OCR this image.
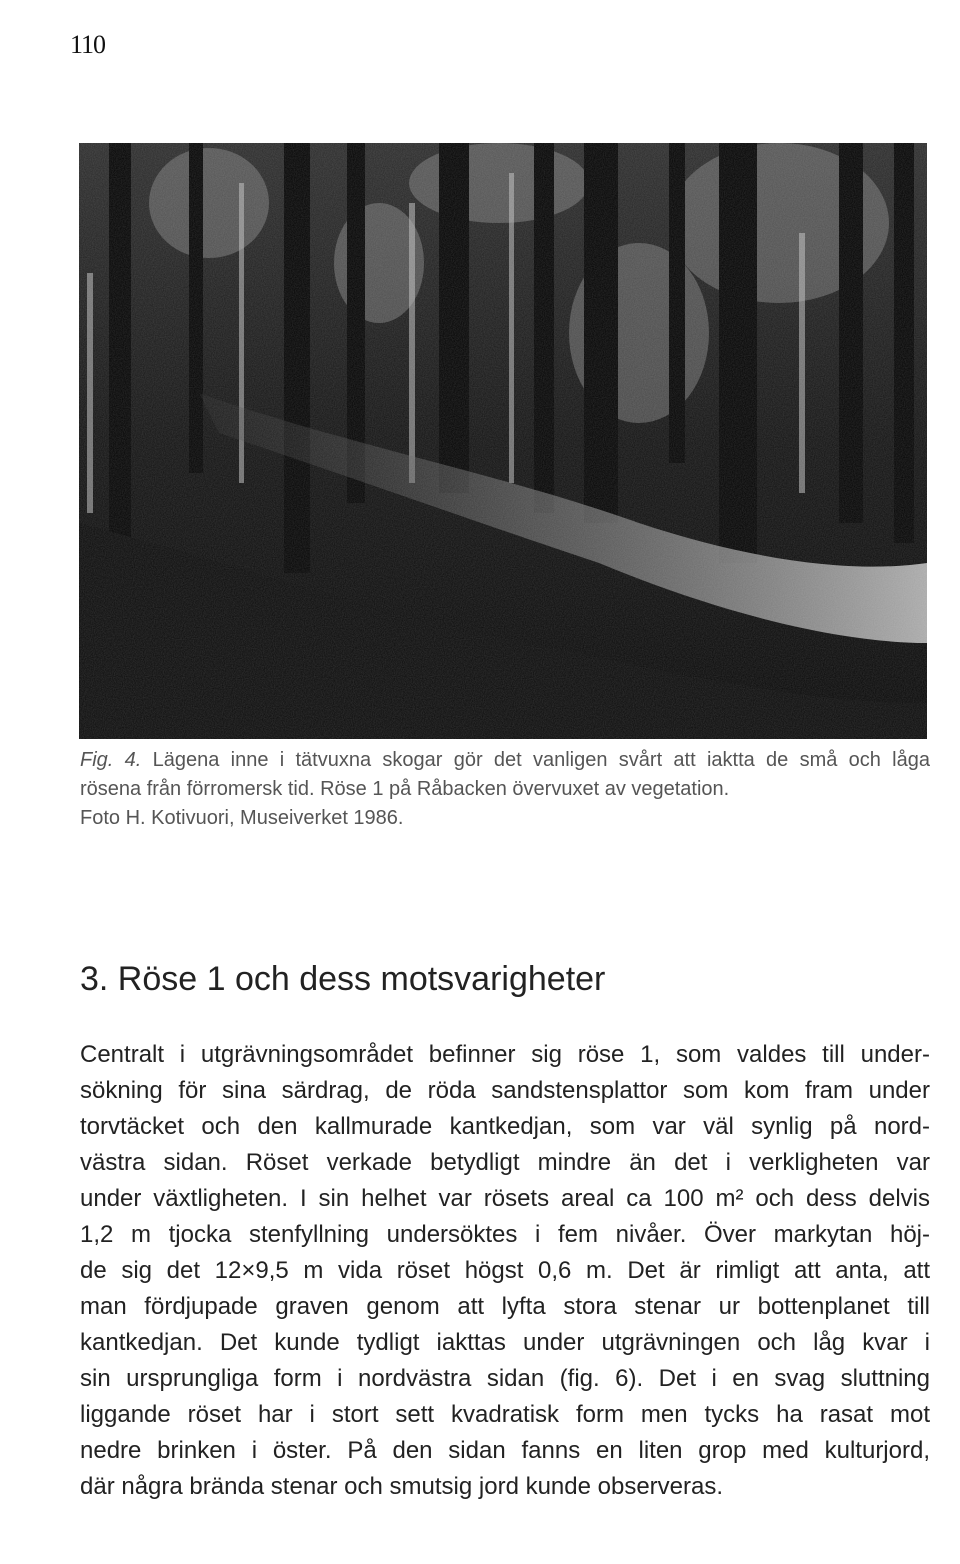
110
Fig. 4. Lägena inne i tätvuxna skogar gör det vanligen svårt att iaktta de små och låga
rösena från förromersk tid. Röse 1 på Råbacken övervuxet av vegetation.
Foto H. Kotivuori, Museiverket 1986.
3. Röse 1 och dess motsvarigheter
Centralt i utgrävningsområdet befinner sig röse 1, som valdes till under-
sökning för sina särdrag, de röda sandstensplattor som kom fram under
torvtäcket och den kallmurade kantkedjan, som var väl synlig på nord-
västra sidan. Röset verkade betydligt mindre än det i verkligheten var
under växtligheten. I sin helhet var rösets areal ca 100 m² och dess delvis
1,2 m tjocka stenfyllning undersöktes i fem nivåer. Över markytan höj-
de sig det 12×9,5 m vida röset högst 0,6 m. Det är rimligt att anta, att
man fördjupade graven genom att lyfta stora stenar ur bottenplanet till
kantkedjan. Det kunde tydligt iakttas under utgrävningen och låg kvar i
sin ursprungliga form i nordvästra sidan (fig. 6). Det i en svag sluttning
liggande röset har i stort sett kvadratisk form men tycks ha rasat mot
nedre brinken i öster. På den sidan fanns en liten grop med kulturjord,
där några brända stenar och smutsig jord kunde observeras.
